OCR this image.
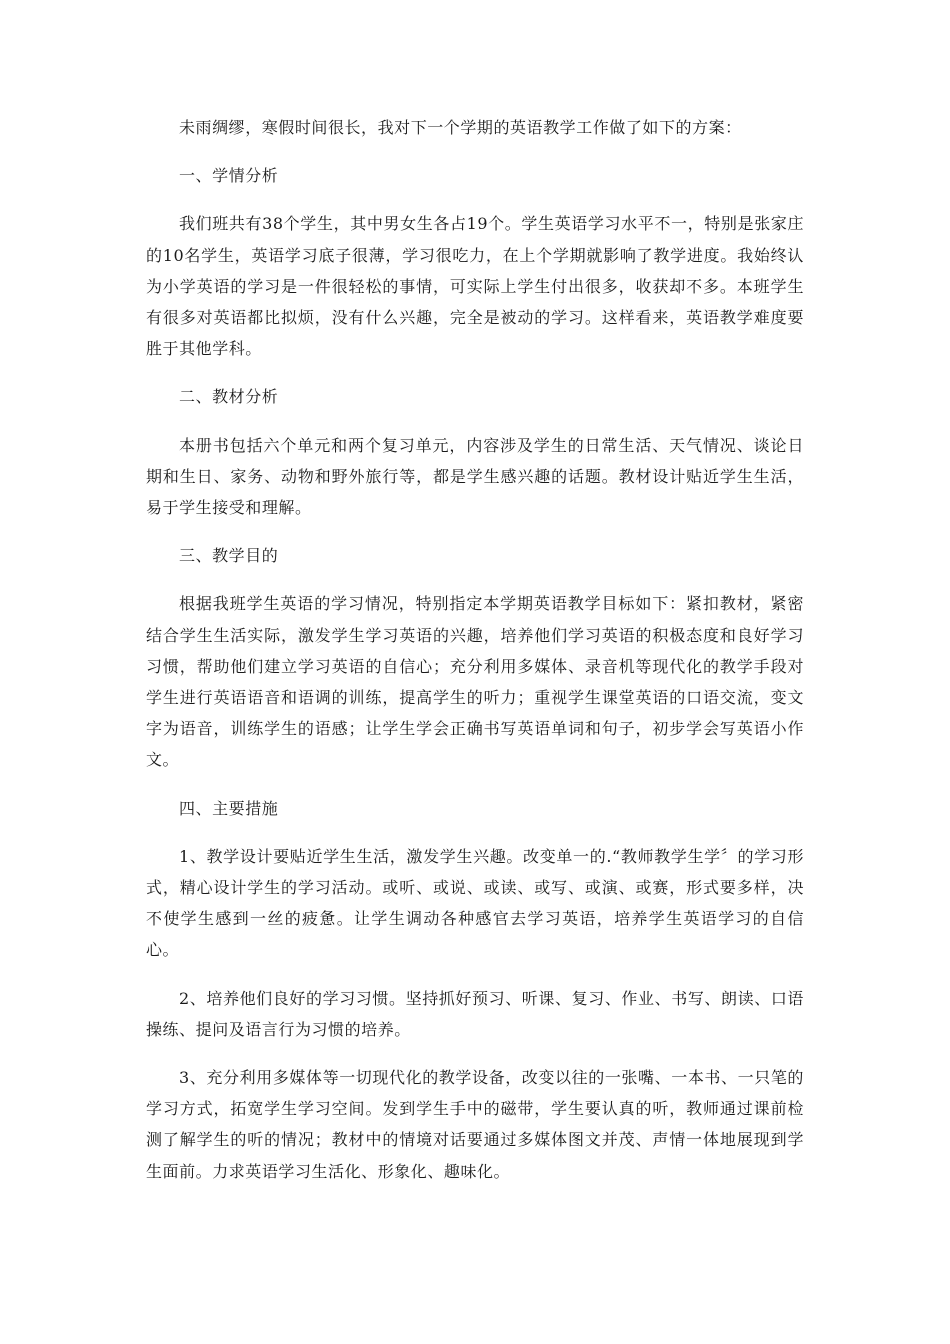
未雨绸缪，寒假时间很长，我对下一个学期的英语教学工作做了如下的方案：

一、学情分析

我们班共有38个学生，其中男女生各占19个。学生英语学习水平不一，特别是张家庄的10名学生，英语学习底子很薄，学习很吃力，在上个学期就影响了教学进度。我始终认为小学英语的学习是一件很轻松的事情，可实际上学生付出很多，收获却不多。本班学生有很多对英语都比拟烦，没有什么兴趣，完全是被动的学习。这样看来，英语教学难度要胜于其他学科。

二、教材分析

本册书包括六个单元和两个复习单元，内容涉及学生的日常生活、天气情况、谈论日期和生日、家务、动物和野外旅行等，都是学生感兴趣的话题。教材设计贴近学生生活，易于学生接受和理解。

三、教学目的

根据我班学生英语的学习情况，特别指定本学期英语教学目标如下：紧扣教材，紧密结合学生生活实际，激发学生学习英语的兴趣，培养他们学习英语的积极态度和良好学习习惯，帮助他们建立学习英语的自信心；充分利用多媒体、录音机等现代化的教学手段对学生进行英语语音和语调的训练，提高学生的听力；重视学生课堂英语的口语交流，变文字为语音，训练学生的语感；让学生学会正确书写英语单词和句子，初步学会写英语小作文。

四、主要措施

1、教学设计要贴近学生生活，激发学生兴趣。改变单一的.“教师教学生学〞的学习形式，精心设计学生的学习活动。或听、或说、或读、或写、或演、或赛，形式要多样，决不使学生感到一丝的疲惫。让学生调动各种感官去学习英语，培养学生英语学习的自信心。

2、培养他们良好的学习习惯。坚持抓好预习、听课、复习、作业、书写、朗读、口语操练、提问及语言行为习惯的培养。

3、充分利用多媒体等一切现代化的教学设备，改变以往的一张嘴、一本书、一只笔的学习方式，拓宽学生学习空间。发到学生手中的磁带，学生要认真的听，教师通过课前检测了解学生的听的情况；教材中的情境对话要通过多媒体图文并茂、声情一体地展现到学生面前。力求英语学习生活化、形象化、趣味化。
